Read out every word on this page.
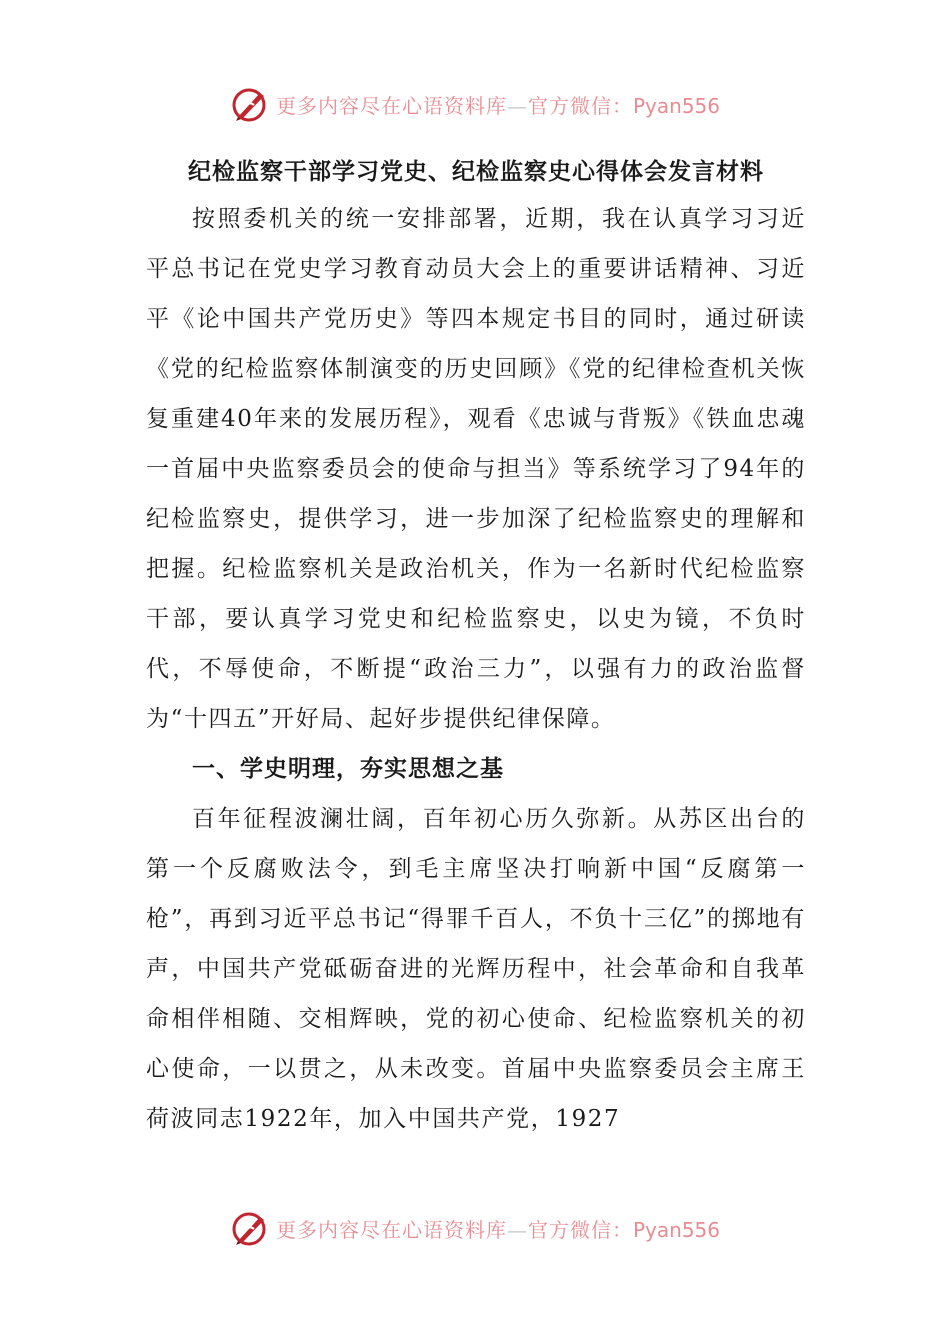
更多内容尽在心语资料库—官方微信：Pyan556
纪检监察干部学习党史、纪检监察史心得体会发言材料

按照委机关的统一安排部署，近期，我在认真学习习近平总书记在党史学习教育动员大会上的重要讲话精神、习近平《论中国共产党历史》等四本规定书目的同时，通过研读《党的纪检监察体制演变的历史回顾》《党的纪律检查机关恢复重建40年来的发展历程》，观看《忠诚与背叛》《铁血忠魂一首届中央监察委员会的使命与担当》等系统学习了94年的纪检监察史，提供学习，进一步加深了纪检监察史的理解和把握。纪检监察机关是政治机关，作为一名新时代纪检监察干部，要认真学习党史和纪检监察史，以史为镜，不负时代，不辱使命，不断提“政治三力”，以强有力的政治监督为“十四五”开好局、起好步提供纪律保障。

一、学史明理，夯实思想之基

百年征程波澜壮阔，百年初心历久弥新。从苏区出台的第一个反腐败法令，到毛主席坚决打响新中国“反腐第一枪”，再到习近平总书记“得罪千百人，不负十三亿”的掷地有声，中国共产党砥砺奋进的光辉历程中，社会革命和自我革命相伴相随、交相辉映，党的初心使命、纪检监察机关的初心使命，一以贯之，从未改变。首届中央监察委员会主席王荷波同志1922年，加入中国共产党，1927

更多内容尽在心语资料库—官方微信：Pyan556
